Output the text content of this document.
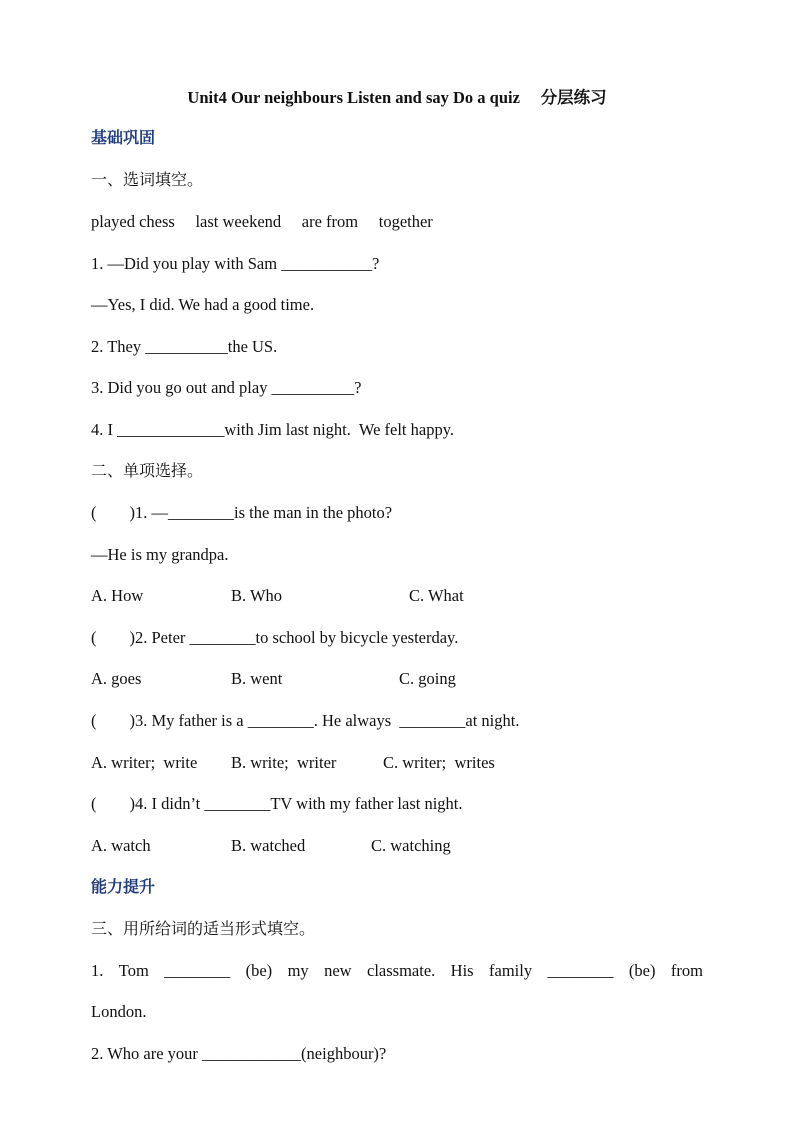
Unit4 Our neighbours Listen and say Do a quiz     分层练习
基础巩固
一、选词填空。
played chess     last weekend     are from     together
1. —Did you play with Sam ___________?
—Yes, I did. We had a good time.
2. They __________the US.
3. Did you go out and play __________?
4. I _____________with Jim last night.  We felt happy.
二、单项选择。
(        )1. —________is the man in the photo?
—He is my grandpa.
A. How	B. Who	C. What
(        )2. Peter ________to school by bicycle yesterday.
A. goes	B. went	C. going
(        )3. My father is a ________. He always  ________at night.
A. writer;  write B. write;  writer	C. writer;  writes
(        )4. I didn’t ________TV with my father last night.
A. watch	B. watched	C. watching
能力提升
三、用所给词的适当形式填空。
1. Tom ________ (be) my new classmate. His family ________ (be) from
London.
2. Who are your ____________(neighbour)?
